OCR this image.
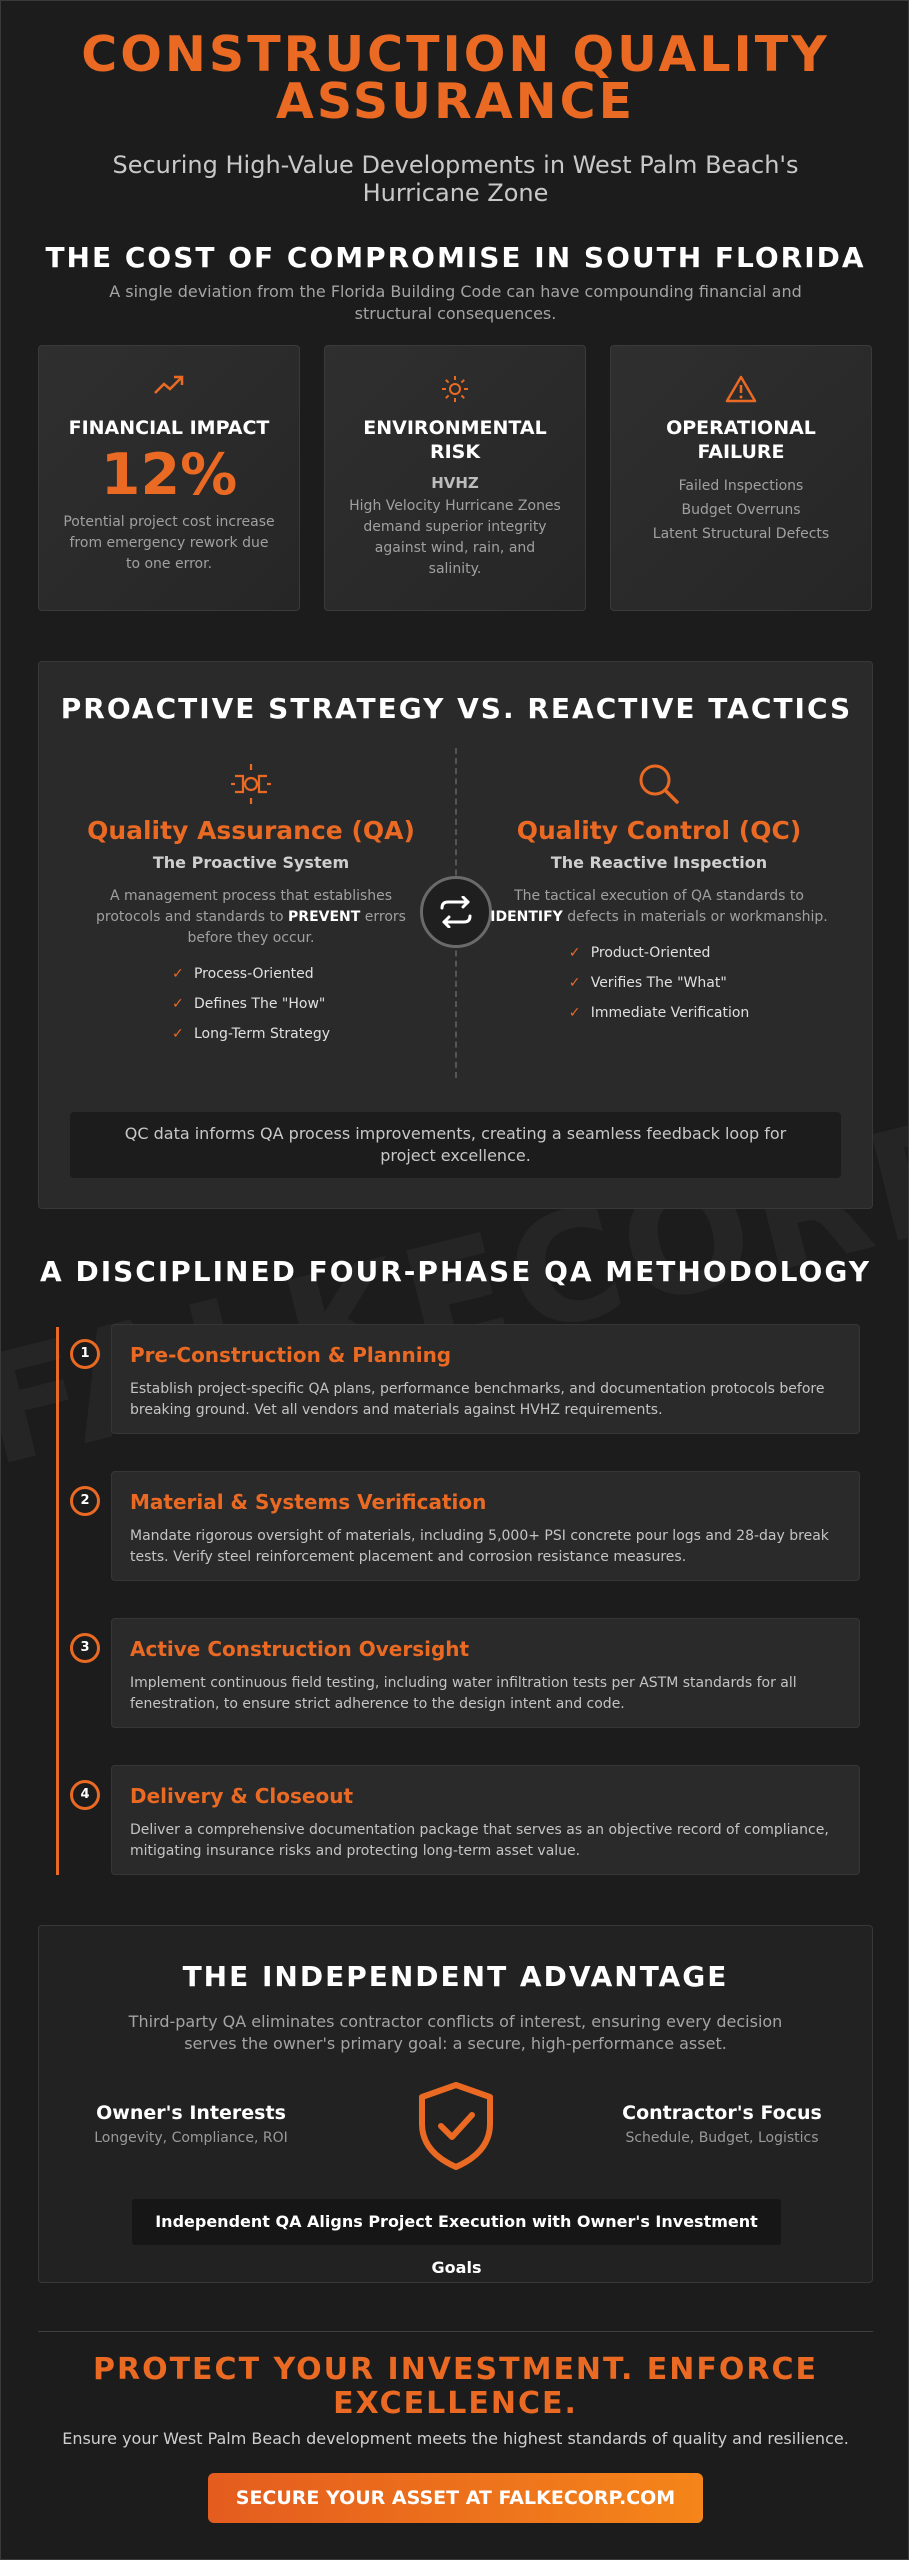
CONSTRUCTION QUALITY ASSURANCE

Securing High-Value Developments in West Palm Beach's Hurricane Zone

THE COST OF COMPROMISE IN SOUTH FLORIDA
A single deviation from the Florida Building Code can have compounding financial and structural consequences.
FINANCIAL IMPACT
12%
Potential project cost increase from emergency rework due to one error.
ENVIRONMENTAL RISK
HVHZ
High Velocity Hurricane Zones demand superior integrity against wind, rain, and salinity.
OPERATIONAL FAILURE
Failed Inspections
Budget Overruns
Latent Structural Defects
PROACTIVE STRATEGY VS. REACTIVE TACTICS
Quality Assurance (QA)
The Proactive System

A management process that establishes protocols and standards to PREVENT errors before they occur.

✓ Process-Oriented
✓ Defines The "How"
✓ Long-Term Strategy
Quality Control (QC)
The Reactive Inspection

The tactical execution of QA standards to IDENTIFY defects in materials or workmanship.

✓ Product-Oriented
✓ Verifies The "What"
✓ Immediate Verification
QC data informs QA process improvements, creating a seamless feedback loop for project excellence.
A DISCIPLINED FOUR-PHASE QA METHODOLOGY
1	Pre-Construction & Planning

Establish project-specific QA plans, performance benchmarks, and documentation protocols before breaking ground. Vet all vendors and materials against HVHZ requirements.

2	Material & Systems Verification

Mandate rigorous oversight of materials, including 5,000+ PSI concrete pour logs and 28-day break tests. Verify steel reinforcement placement and corrosion resistance measures.

3	Active Construction Oversight

Implement continuous field testing, including water infiltration tests per ASTM standards for all fenestration, to ensure strict adherence to the design intent and code.

4	Delivery & Closeout

Deliver a comprehensive documentation package that serves as an objective record of compliance, mitigating insurance risks and protecting long-term asset value.

THE INDEPENDENT ADVANTAGE
Third-party QA eliminates contractor conflicts of interest, ensuring every decision serves the owner's primary goal: a secure, high-performance asset.
Owner's Interests
Longevity, Compliance, ROI
Contractor's Focus
Schedule, Budget, Logistics
Independent QA Aligns Project Execution with Owner's Investment Goals
PROTECT YOUR INVESTMENT. ENFORCE EXCELLENCE.
Ensure your West Palm Beach development meets the highest standards of quality and resilience.
SECURE YOUR ASSET AT FALKECORP.COM
